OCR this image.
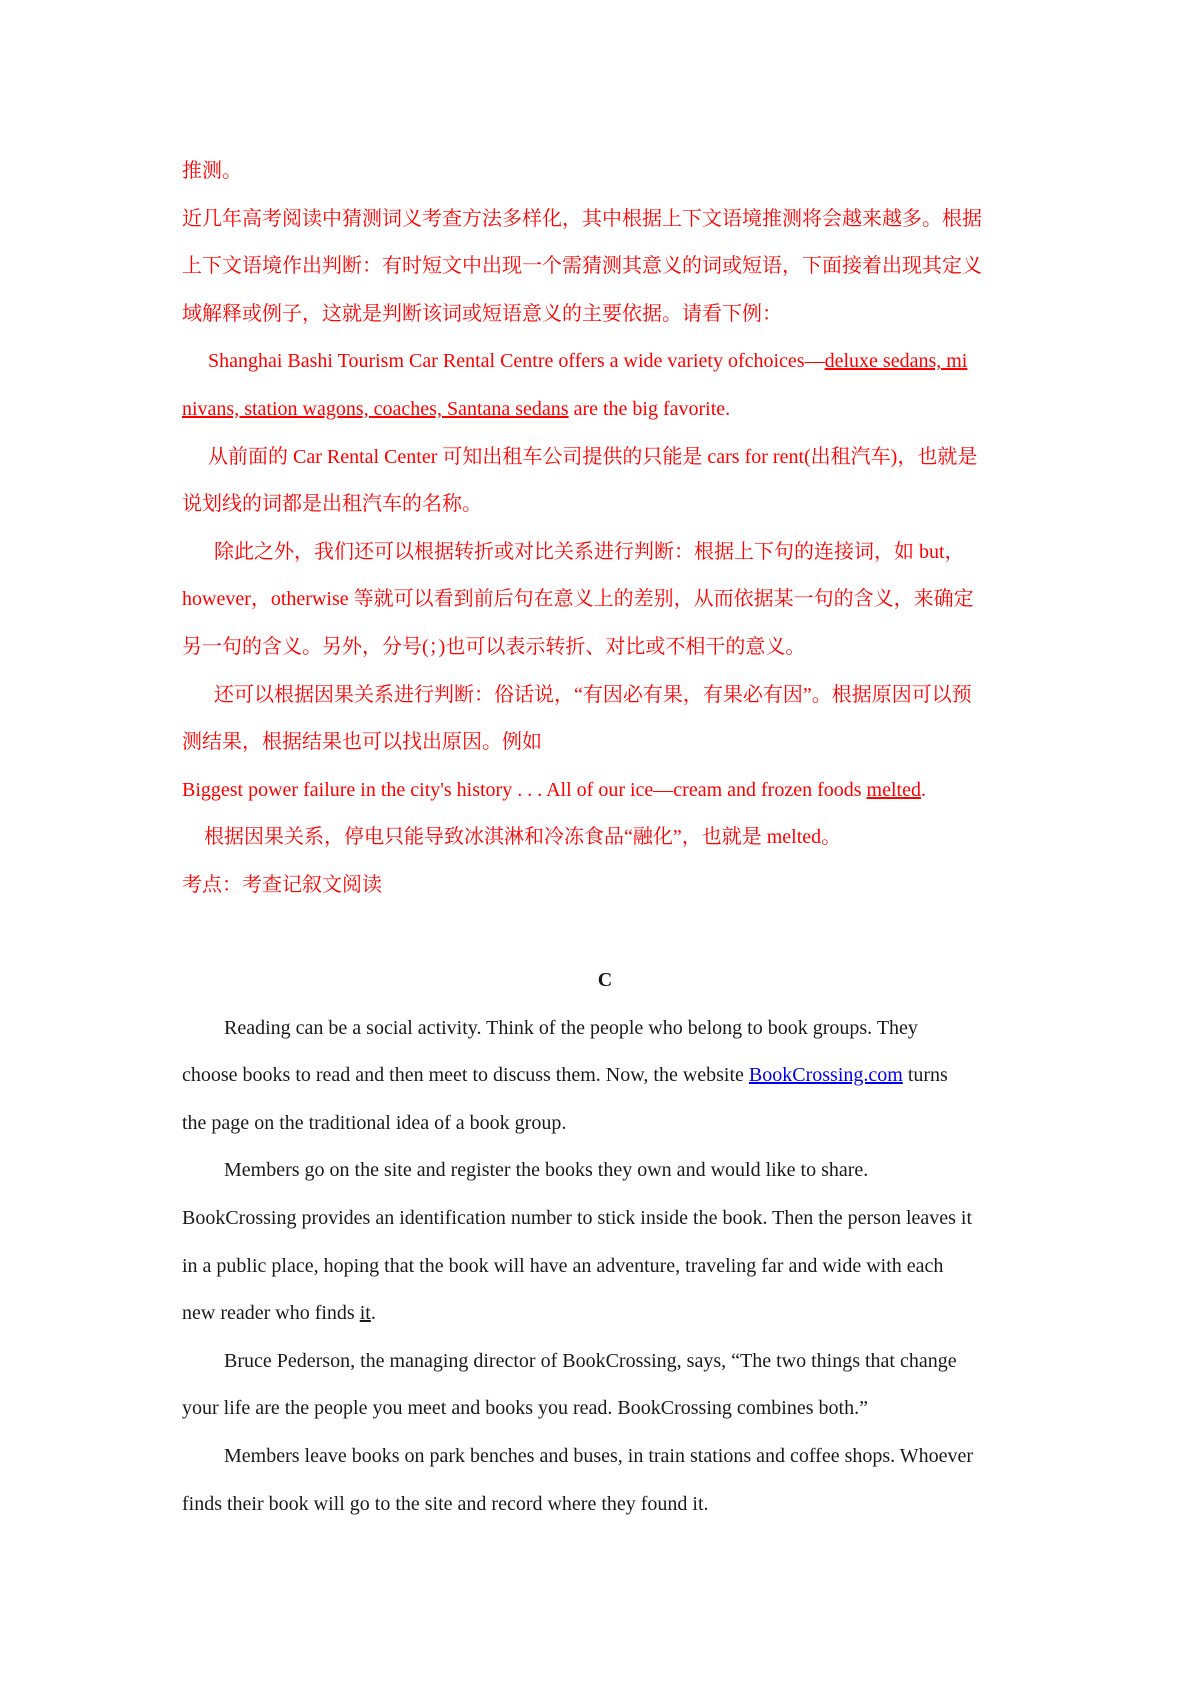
推测。

近几年高考阅读中猜测词义考查方法多样化，其中根据上下文语境推测将会越来越多。根据

上下文语境作出判断：有时短文中出现一个需猜测其意义的词或短语，下面接着出现其定义

域解释或例子，这就是判断该词或短语意义的主要依据。请看下例：

Shanghai Bashi Tourism Car Rental Centre offers a wide variety ofchoices—deluxe sedans, mi

nivans, station wagons, coaches, Santana sedans are the big favorite.

从前面的 Car Rental Center 可知出租车公司提供的只能是 cars for rent(出租汽车)，也就是

说划线的词都是出租汽车的名称。

除此之外，我们还可以根据转折或对比关系进行判断：根据上下句的连接词，如 but，

however，otherwise 等就可以看到前后句在意义上的差别，从而依据某一句的含义，来确定

另一句的含义。另外，分号(；)也可以表示转折、对比或不相干的意义。

还可以根据因果关系进行判断：俗话说，“有因必有果，有果必有因”。根据原因可以预

测结果，根据结果也可以找出原因。例如

Biggest power failure in the city's history . . . All of our ice—cream and frozen foods melted.

根据因果关系，停电只能导致冰淇淋和冷冻食品“融化”，也就是 melted。

考点：考查记叙文阅读

C

Reading can be a social activity. Think of the people who belong to book groups. They

choose books to read and then meet to discuss them. Now, the website BookCrossing.com turns

the page on the traditional idea of a book group.

Members go on the site and register the books they own and would like to share.

BookCrossing provides an identification number to stick inside the book. Then the person leaves it

in a public place, hoping that the book will have an adventure, traveling far and wide with each

new reader who finds it.

Bruce Pederson, the managing director of BookCrossing, says, “The two things that change

your life are the people you meet and books you read. BookCrossing combines both.”

Members leave books on park benches and buses, in train stations and coffee shops. Whoever

finds their book will go to the site and record where they found it.
